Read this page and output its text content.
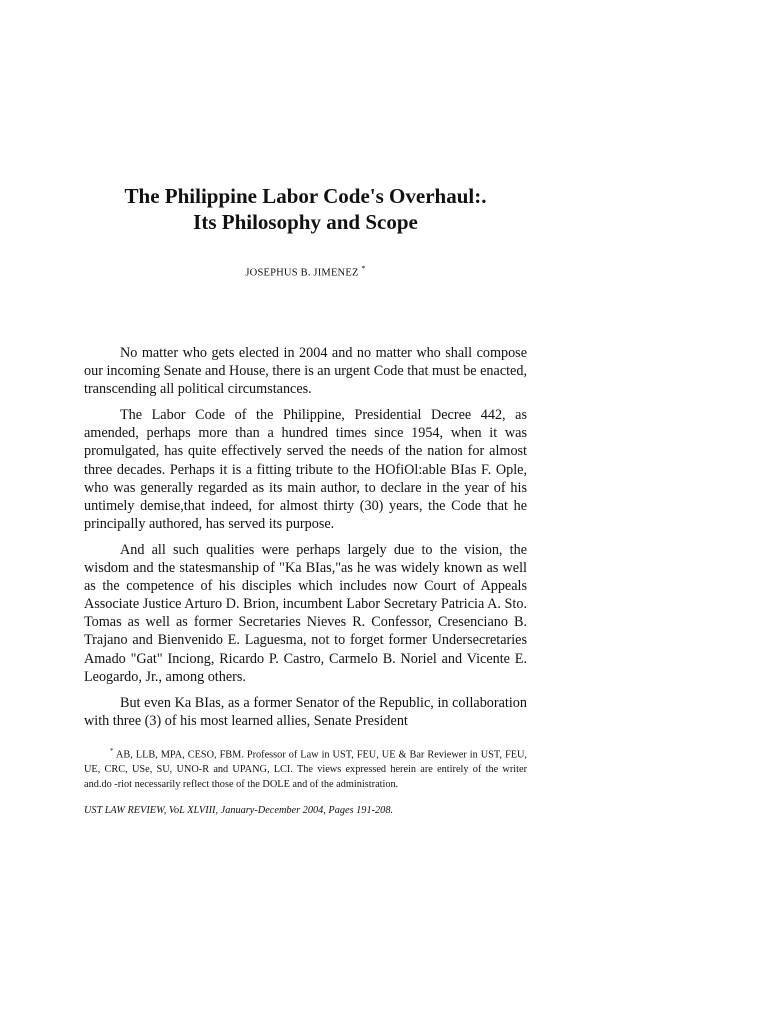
The Philippine Labor Code's Overhaul:.
Its Philosophy and Scope
JOSEPHUS B. JIMENEZ *

No matter who gets elected in 2004 and no matter who shall compose our incoming Senate and House, there is an urgent Code that must be enacted, transcending all political circumstances.

The Labor Code of the Philippine, Presidential Decree 442, as amended, perhaps more than a hundred times since 1954, when it was promulgated, has quite effectively served the needs of the nation for almost three decades. Perhaps it is a fitting tribute to the HOfiOl:able BIas F. Ople, who was generally regarded as its main author, to declare in the year of his untimely demise,that indeed, for almost thirty (30) years, the Code that he principally authored, has served its purpose.

And all such qualities were perhaps largely due to the vision, the wisdom and the statesmanship of "Ka BIas,"as he was widely known as well as the competence of his disciples which includes now Court of Appeals Associate Justice Arturo D. Brion, incumbent Labor Secretary Patricia A. Sto. Tomas as well as former Secretaries Nieves R. Confessor, Cresenciano B. Trajano and Bienvenido E. Laguesma, not to forget former Undersecretaries Amado "Gat" Inciong, Ricardo P. Castro, Carmelo B. Noriel and Vicente E. Leogardo, Jr., among others.

But even Ka BIas, as a former Senator of the Republic, in collaboration with three (3) of his most learned allies, Senate President

* AB, LLB, MPA, CESO, FBM. Professor of Law in UST, FEU, UE & Bar Reviewer in UST, FEU, UE, CRC, USe, SU, UNO-R and UPANG, LCI. The views expressed herein are entirely of the writer and.do -riot necessarily reflect those of the DOLE and of the administration.

UST LAW REVIEW, VoL XLVIII, January-December 2004, Pages 191-208.
